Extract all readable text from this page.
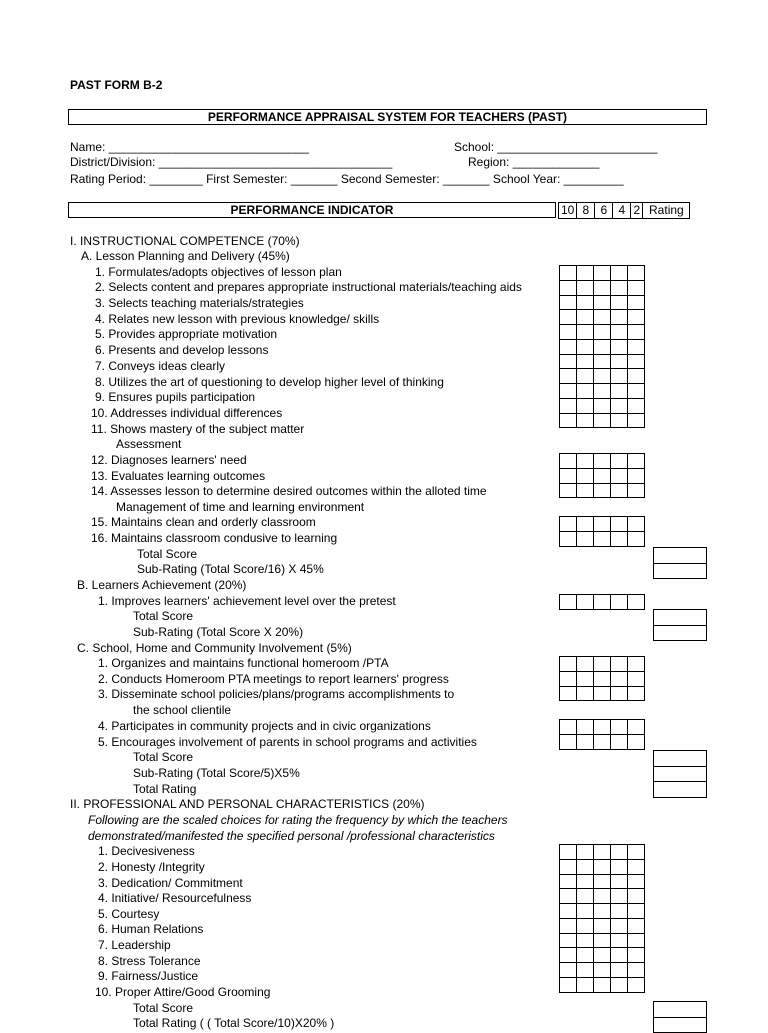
PAST FORM B-2
PERFORMANCE APPRAISAL SYSTEM FOR TEACHERS (PAST)
Name: ______________________________	School: ________________________
District/Division: ___________________________________	Region: _____________
Rating Period: ________ First Semester: _______ Second Semester: _______ School Year: _________
PERFORMANCE INDICATOR	10	8	6	4	2	Rating
I. INSTRUCTIONAL COMPETENCE (70%)
A. Lesson Planning and Delivery (45%)
1. Formulates/adopts objectives of lesson plan
2. Selects content and prepares appropriate instructional materials/teaching aids
3. Selects teaching materials/strategies
4. Relates new lesson with previous knowledge/ skills
5. Provides appropriate motivation
6. Presents and develop lessons
7. Conveys ideas clearly
8. Utilizes the art of questioning to develop higher level of thinking
9. Ensures pupils participation
10. Addresses individual differences
11. Shows mastery of the subject matter
Assessment
12. Diagnoses learners' need
13. Evaluates learning outcomes
14. Assesses lesson to determine desired outcomes within the alloted time
Management of time and learning environment
15. Maintains clean and orderly classroom
16. Maintains classroom condusive to learning
Total Score
Sub-Rating (Total Score/16) X 45%
B. Learners Achievement (20%)
1. Improves learners' achievement level over the pretest
Total Score
Sub-Rating (Total Score X 20%)
C. School, Home and Community Involvement (5%)
1. Organizes and maintains functional homeroom /PTA
2. Conducts Homeroom PTA meetings to report learners' progress
3. Disseminate school policies/plans/programs accomplishments to
the school clientile
4. Participates in community projects and in civic organizations
5. Encourages involvement of parents in school programs and activities
Total Score
Sub-Rating (Total Score/5)X5%
Total Rating
II. PROFESSIONAL AND PERSONAL CHARACTERISTICS (20%)
Following are the scaled choices for rating the frequency by which the teachers
demonstrated/manifested the specified personal /professional characteristics
1. Decivesiveness
2. Honesty /Integrity
3. Dedication/ Commitment
4. Initiative/ Resourcefulness
5. Courtesy
6. Human Relations
7. Leadership
8. Stress Tolerance
9. Fairness/Justice
10. Proper Attire/Good Grooming
Total Score
Total Rating ( ( Total Score/10)X20% )
